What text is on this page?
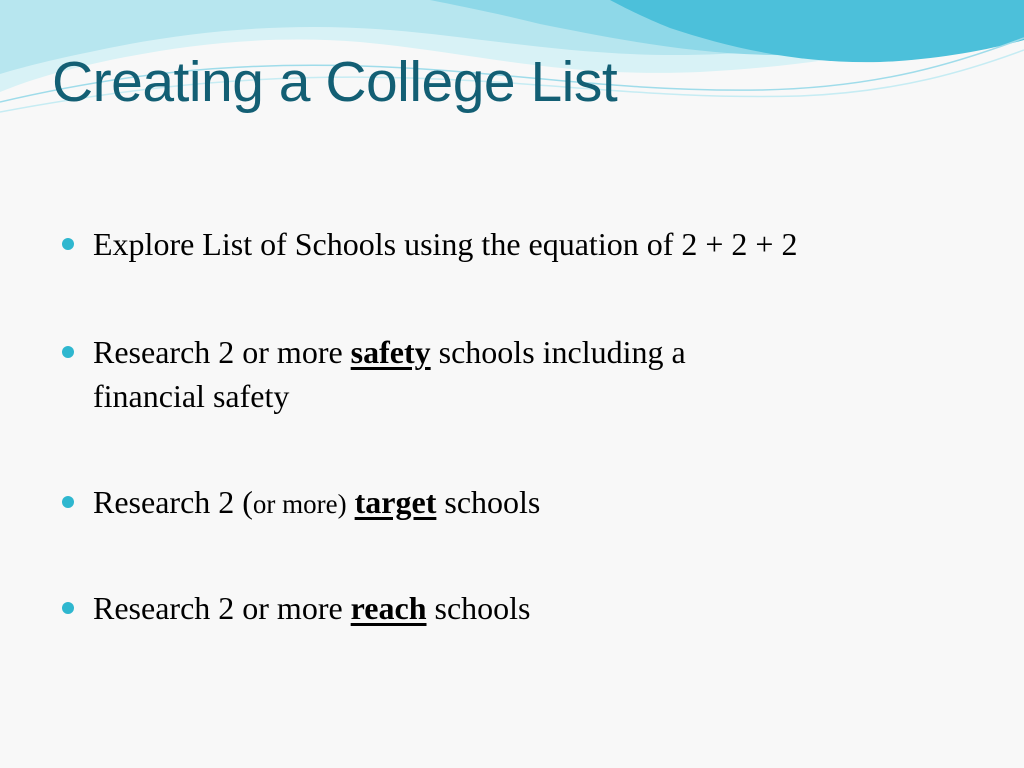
Creating a College List
Explore List of Schools using the equation of 2 + 2 + 2
Research 2 or more safety schools including a
financial safety
Research 2 (or more) target schools
Research 2 or more reach schools
